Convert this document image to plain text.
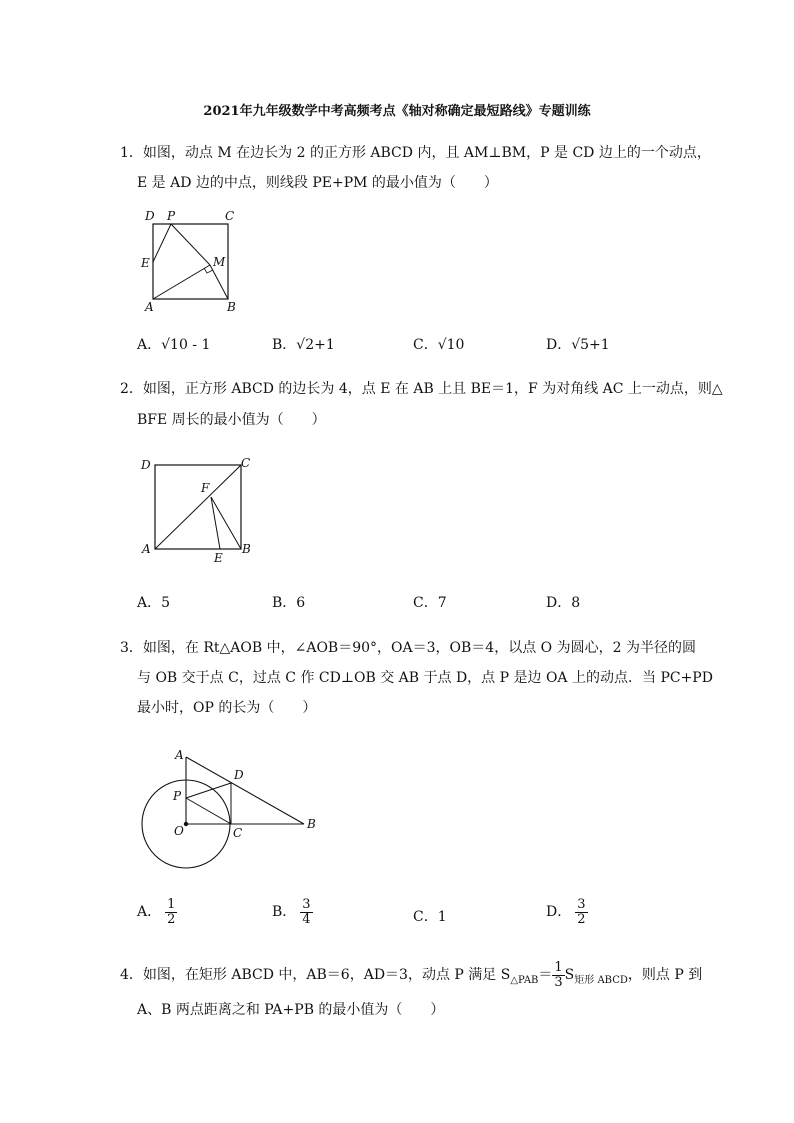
2021年九年级数学中考高频考点《轴对称确定最短路线》专题训练
1．如图，动点 M 在边长为 2 的正方形 ABCD 内，且 AM⊥BM，P 是 CD 边上的一个动点，
E 是 AD 边的中点，则线段 PE+PM 的最小值为（　　）
D P	C
E	M
A	B
A．√10 - 1	B．√2+1	C．√10	D．√5+1
2．如图，正方形 ABCD 的边长为 4，点 E 在 AB 上且 BE＝1，F 为对角线 AC 上一动点，则△
BFE 周长的最小值为（　　）
D	C
F
A
E
B
A．5	B．6	C．7	D．8
3．如图，在 Rt△AOB 中，∠AOB＝90°，OA＝3，OB＝4，以点 O 为圆心，2 为半径的圆
与 OB 交于点 C，过点 C 作 CD⊥OB 交 AB 于点 D，点 P 是边 OA 上的动点．当 PC+PD
最小时，OP 的长为（　　）
A
D
P
O	C
B
A． $\frac{1}{2}$	B． $\frac{3}{4}$	C．1	D． $\frac{3}{2}$
4．如图，在矩形 ABCD 中，AB＝6，AD＝3，动点 P 满足 $S_{\triangle PAB}= \frac{1}{3} S_{矩形 ABCD}$，则点 P 到
A、B 两点距离之和 PA+PB 的最小值为（　　）
